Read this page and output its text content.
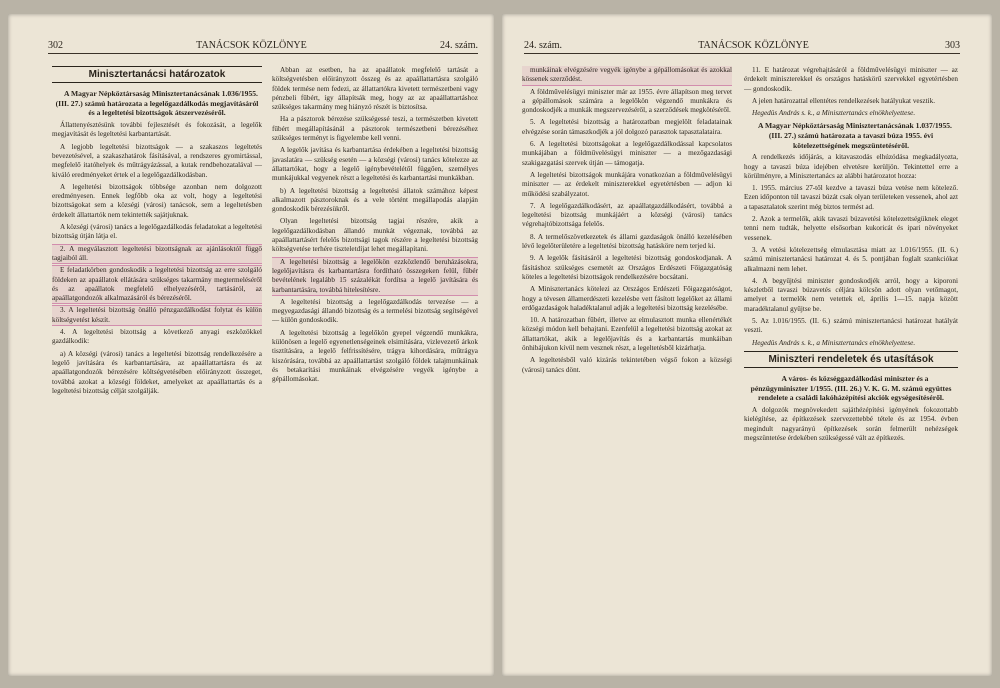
302	TANÁCSOK KÖZLÖNYE	24. szám.
Minisztertanácsi határozatok

A Magyar Népköztársaság Minisztertanácsának 1.036/1955. (III. 27.) számú határozata a legelőgazdálkodás megjavításáról és a legeltetési bizottságok átszervezéséről.

Állattenyésztésünk további fejlesztését és fokozását, a legelők megjavítását és legeltetési karbantartását.

A legjobb legeltetési bizottságok — a szakaszos legeltetés bevezetésével, a szakaszhatárok fásításával, a rendszeres gyomirtással, megfelelő itatóhelyek és műtrágyázással, a kutak rendbehozatalával — kiváló eredményeket értek el a legelőgazdálkodásban.

A legeltetési bizottságok többsége azonban nem dolgozott eredményesen. Ennek legfőbb oka az volt, hogy a legeltetési bizottságokat sem a községi (városi) tanácsok, sem a legeltetésben érdekelt állattartók nem tekintették sajátjuknak.

A községi (városi) tanács a legelőgazdálkodás feladatokat a legeltetési bizottság útján látja el.

2. A megválasztott legeltetési bizottságnak az ajánlásoktól függő tagjaiból áll.

E feladatkörben gondoskodik a legeltetési bizottság az erre szolgáló földeken az apaállatok ellátására szükséges takarmány megtermeléséről és az apaállatok megfelelő elhelyezéséről, tartásáról, az apaállatgondozók alkalmazásáról és bérezéséről.

3. A legeltetési bizottság önálló pénzgazdálkodást folytat és külön költségvetést készít.

4. A legeltetési bizottság a következő anyagi eszközökkel gazdálkodik:

a) A községi (városi) tanács a legeltetési bizottság rendelkezésére a legelő javítására és karbantartására, az apaállattartásra és az apaállatgondozók bérezésére költségvetésében előirányzott összeget, továbbá azokat a községi földeket, amelyeket az apaállattartás és a legeltetési bizottság célját szolgálják.

Abban az esetben, ha az apaállatok megfelelő tartását a költségvetésben előirányzott összeg és az apaállattartásra szolgáló földek termése nem fedezi, az állattartókra kivetett természetbeni vagy pénzbeli fűbért, így állapítsák meg, hogy az az apaállattartáshoz szükséges takarmány meg hiányzó részét is biztosítsa.

Ha a pásztorok bérezése szükségessé teszi, a természetben kivetett fűbért megállapításánál a pásztorok természetbeni bérezéséhez szükséges terményt is figyelembe kell venni.

A legelők javítása és karbantartása érdekében a legeltetési bizottság javaslatára — szükség esetén — a községi (városi) tanács kötelezze az állattartókat, hogy a legelő igénybevételétől függően, személyes munkájukkal vegyenek részt a legeltetési és karbantartási munkákban.

b) A legeltetési bizottság a legeltetési állatok számához képest alkalmazott pásztoroknak és a vele történt megállapodás alapján gondoskodik bérezésükről.

Olyan legeltetési bizottság tagjai részére, akik a legelőgazdálkodásban állandó munkát végeznak, továbbá az apaállattartásért felelős bizottsági tagok részére a legeltetési bizottság költségvetése terhére tiszteletdíjat lehet megállapítani.

A legeltetési bizottság a legelőkön ezzközlendő beruházásokra, legelőjavításra és karbantartásra fordítható összegeken felül, fűbér bevételének legalább 15 százalékát fordítsa a legelő javítására és karbantartására, továbbá hitelesítésre.

A legeltetési bizottság a legelőgazdálkodás tervezése — a megyegazdasági állandó bizottság és a termelési bizottság segítségével — külön gondoskodik.

A legeltetési bizottság a legelőkön gyepel végzendő munkákra, különösen a legelő egyenetlenségeinek elsimítására, vizlevezető árkok tisztítására, a legelő felfrissítésére, trágya kihordására, műtrágya kiszórására, továbbá az apaállattartást szolgáló földek talajmunkáinak és betakarítási munkáinak elvégzésére vegyék igénybe a gépállomásokat.

24. szám.	TANÁCSOK KÖZLÖNYE	303

munkáinak elvégzésére vegyék igénybe a gépállomásokat és azokkal kössenek szerződést.

A földművelésügyi miniszter már az 1955. évre állapítson meg tervet a gépállomások számára a legelőkön végzendő munkákra és gondoskodjék a munkák megszervezéséről, a szerződések megkötéséről.

5. A legeltetési bizottság a határozatban megjelölt feladatainak elvégzése során támaszkodjék a jól dolgozó parasztok tapasztalataira.

6. A legeltetési bizottságokat a legelőgazdálkodással kapcsolatos munkájában a földművelésügyi miniszter — a mezőgazdasági szakigazgatási szervek útján — támogatja.

A legeltetési bizottságok munkájára vonatkozóan a földművelésügyi miniszter — az érdekelt miniszterekkel egyetértésben — adjon ki működési szabályzatot.

7. A legelőgazdálkodásért, az apaállatgazdálkodásért, továbbá a legeltetési bizottság munkájáért a községi (városi) tanács végrehajtóbizottsága felelős.

8. A termelőszövetkezetek és állami gazdaságok önálló kezelésében lévő legelőterületére a legeltetési bizottság hatásköre nem terjed ki.

9. A legelők fásításáról a legeltetési bizottság gondoskodjanak. A fásításhoz szükséges csemetét az Országos Erdészeti Főigazgatóság köteles a legeltetési bizottságok rendelkezésére bocsátani.

A Minisztertanács kötelezi az Országos Erdészeti Főigazgatóságot, hogy a tévesen államerdészeti kezelésbe vett fásított legelőket az állami erdőgazdaságok haladéktalanul adják a legeltetési bizottság kezelésébe.

10. A határozatban fűbért, illetve az elmulasztott munka ellenértékét községi módon kell behajtani. Ezenfelül a legeltetési bizottság azokat az állattartókat, akik a legelőjavítás és a karbantartás munkáiban önhibájukon kívül nem vesznek részt, a legeltetésből kizárhatja.

A legeltetésből való kizárás tekintetében végső fokon a községi (városi) tanács dönt.

11. E határozat végrehajtásáról a földművelésügyi miniszter — az érdekelt miniszterekkel és országos hatáskörű szervekkel egyetértésben — gondoskodik.

A jelen határozattal ellentétes rendelkezések hatályukat vesztik.

Hegedüs András s. k., a Minisztertanács elnökhelyettese.

A Magyar Népköztársaság Minisztertanácsának 1.037/1955. (III. 27.) számú határozata a tavaszi búza 1955. évi kötelezettségének megszüntetéséről.

A rendelkezés időjárás, a kitavaszodás elhúzódása megkadályozta, hogy a tavaszi búza idejében elvetésre kerüljön. Tekintettel erre a körülményre, a Minisztertanács az alábbi határozatot hozza:

1. 1955. március 27-től kezdve a tavaszi búza vetése nem kötelező. Ezen időponton túl tavaszi búzát csak olyan területeken vessenek, ahol azt a tapasztalatok szerint még biztos termést ad.

2. Azok a termelők, akik tavaszi búzavetési kötelezettségüknek eleget tenni nem tudták, helyette elsősorban kukoricát és ipari növényeket vessenek.

3. A vetési kötelezettség elmulasztása miatt az 1.016/1955. (II. 6.) számú minisztertanácsi határozat 4. és 5. pontjában foglalt szankciókat alkalmazni nem lehet.

4. A begyűjtési miniszter gondoskodjék arról, hogy a kiporoni készletből tavaszi búzavetés céljára kölcsön adott olyan vetőmagot, amelyet a termelők nem vetettek el, április 1—15. napja között maradéktalanul gyűjtse be.

5. Az 1.016/1955. (II. 6.) számú minisztertanácsi határozat hatályát veszti.

Hegedüs András s. k., a Minisztertanács elnökhelyettese.

Miniszteri rendeletek és utasítások

A város- és községgazdálkodási miniszter és a pénzügyminiszter 1/1955. (III. 26.) V. K. G. M. számú együttes rendelete a családi lakóházépítési akciók egységesítéséről.

A dolgozók megnövekedett sajáthézépítési igényének fokozottabb kielégítése, az építkezések szervezettebbé tétele és az 1954. évben megindult nagyarányú építkezések során felmerült nehézségek megszüntetése érdekében szükségessé vált az építkezés.
